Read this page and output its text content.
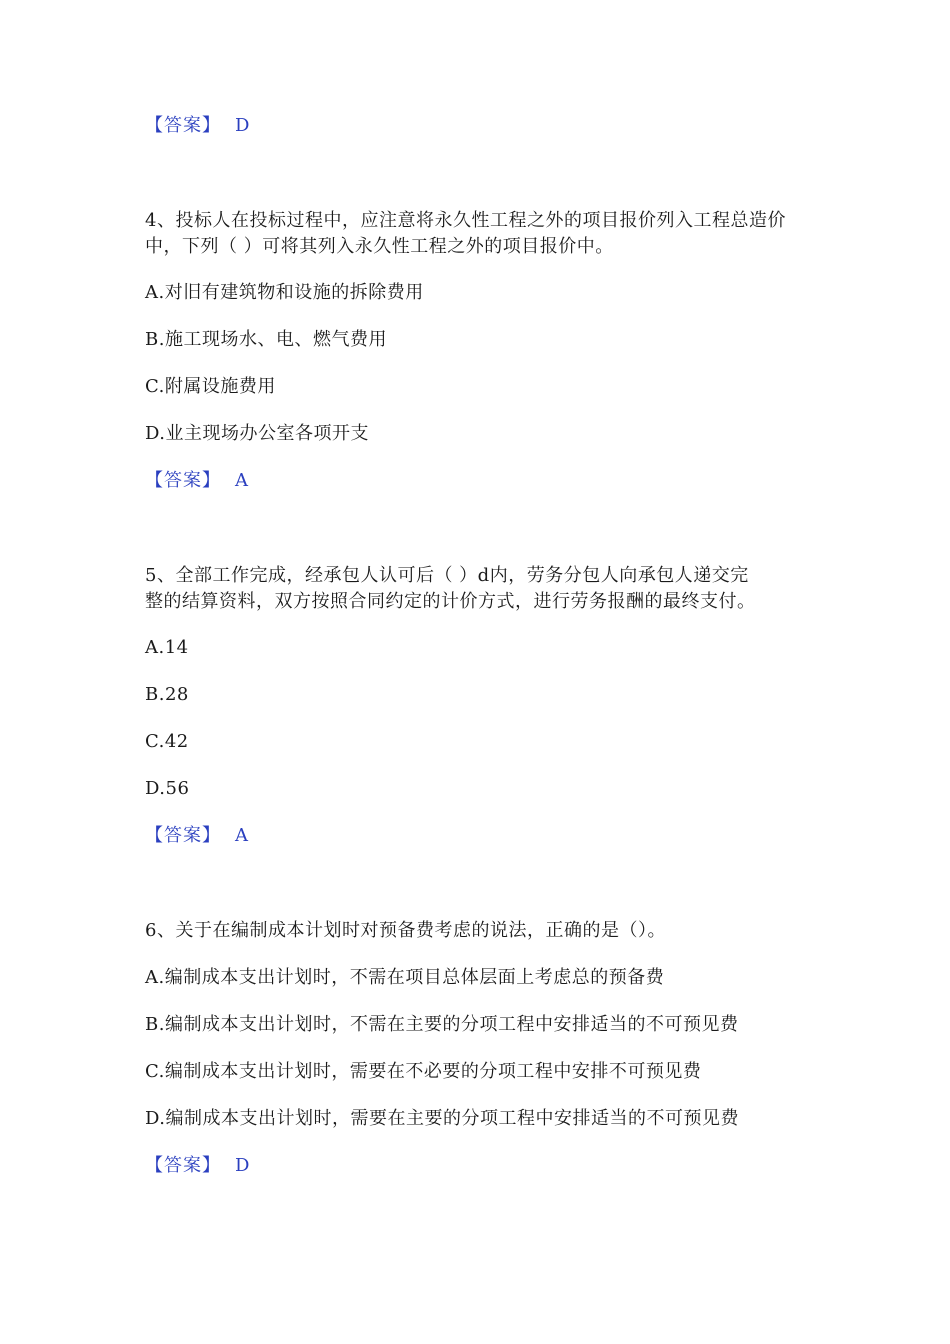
【答案】 D
4、投标人在投标过程中，应注意将永久性工程之外的项目报价列入工程总造价
中，下列（ ）可将其列入永久性工程之外的项目报价中。
A.对旧有建筑物和设施的拆除费用
B.施工现场水、电、燃气费用
C.附属设施费用
D.业主现场办公室各项开支
【答案】 A
5、全部工作完成，经承包人认可后（ ）d内，劳务分包人向承包人递交完
整的结算资料，双方按照合同约定的计价方式，进行劳务报酬的最终支付。
A.14
B.28
C.42
D.56
【答案】 A
6、关于在编制成本计划时对预备费考虑的说法，正确的是（）。
A.编制成本支出计划时，不需在项目总体层面上考虑总的预备费
B.编制成本支出计划时，不需在主要的分项工程中安排适当的不可预见费
C.编制成本支出计划时，需要在不必要的分项工程中安排不可预见费
D.编制成本支出计划时，需要在主要的分项工程中安排适当的不可预见费
【答案】 D
